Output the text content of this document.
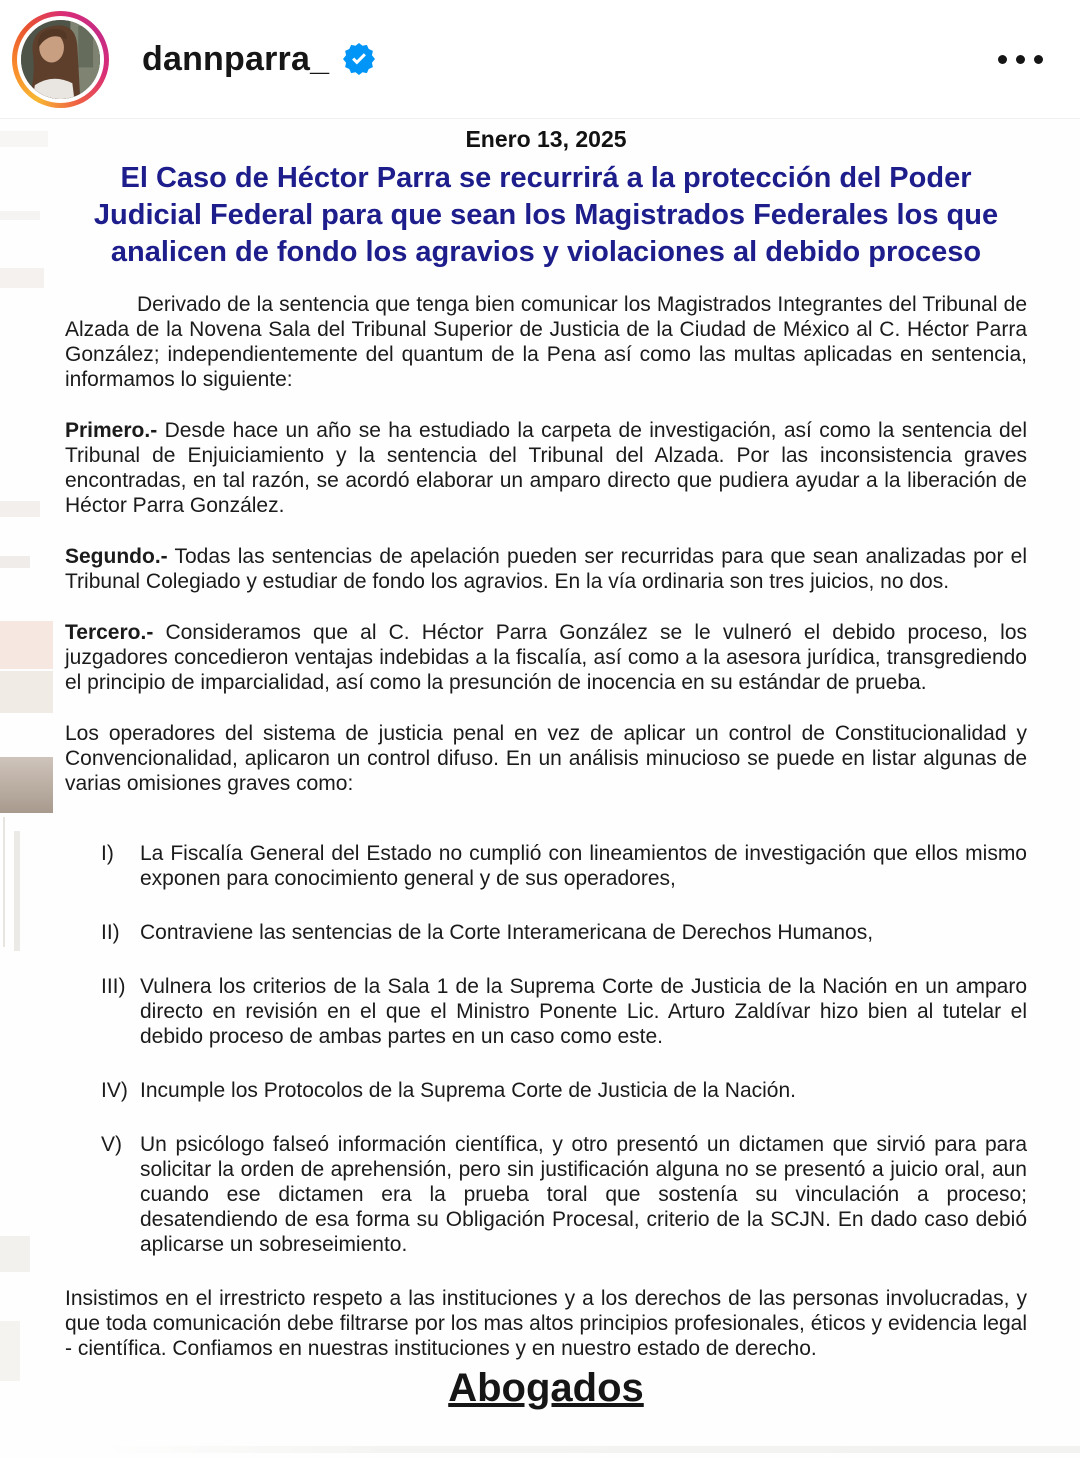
dannparra_
Enero 13, 2025
El Caso de Héctor Parra se recurrirá a la protección del Poder Judicial Federal para que sean los Magistrados Federales los que analicen de fondo los agravios y violaciones al debido proceso

Derivado de la sentencia que tenga bien comunicar los Magistrados Integrantes del Tribunal de Alzada de la Novena Sala del Tribunal Superior de Justicia de la Ciudad de México al C. Héctor Parra González; independientemente del quantum de la Pena así como las multas aplicadas en sentencia, informamos lo siguiente:

Primero.- Desde hace un año se ha estudiado la carpeta de investigación, así como la sentencia del Tribunal de Enjuiciamiento y la sentencia del Tribunal del Alzada. Por las inconsistencia graves encontradas, en tal razón, se acordó elaborar un amparo directo que pudiera ayudar a la liberación de Héctor Parra González.

Segundo.- Todas las sentencias de apelación pueden ser recurridas para que sean analizadas por el Tribunal Colegiado y estudiar de fondo los agravios. En la vía ordinaria son tres juicios, no dos.

Tercero.- Consideramos que al C. Héctor Parra González se le vulneró el debido proceso, los juzgadores concedieron ventajas indebidas a la fiscalía, así como a la asesora jurídica, transgrediendo el principio de imparcialidad, así como la presunción de inocencia en su estándar de prueba.

Los operadores del sistema de justicia penal en vez de aplicar un control de Constitucionalidad y Convencionalidad, aplicaron un control difuso. En un análisis minucioso se puede en listar algunas de varias omisiones graves como:

I)	La Fiscalía General del Estado no cumplió con lineamientos de investigación que ellos mismo exponen para conocimiento general y de sus operadores,
II) Contraviene las sentencias de la Corte Interamericana de Derechos Humanos,
III) Vulnera los criterios de la Sala 1 de la Suprema Corte de Justicia de la Nación en un amparo directo en revisión en el que el Ministro Ponente Lic. Arturo Zaldívar hizo bien al tutelar el debido proceso de ambas partes en un caso como este.
IV) Incumple los Protocolos de la Suprema Corte de Justicia de la Nación.
V) Un psicólogo falseó información científica, y otro presentó un dictamen que sirvió para para solicitar la orden de aprehensión, pero sin justificación alguna no se presentó a juicio oral, aun cuando ese dictamen era la prueba toral que sostenía su vinculación a proceso; desatendiendo de esa forma su Obligación Procesal, criterio de la SCJN. En dado caso debió aplicarse un sobreseimiento.

Insistimos en el irrestricto respeto a las instituciones y a los derechos de las personas involucradas, y que toda comunicación debe filtrarse por los mas altos principios profesionales, éticos y evidencia legal - científica. Confiamos en nuestras instituciones y en nuestro estado de derecho.

Abogados
